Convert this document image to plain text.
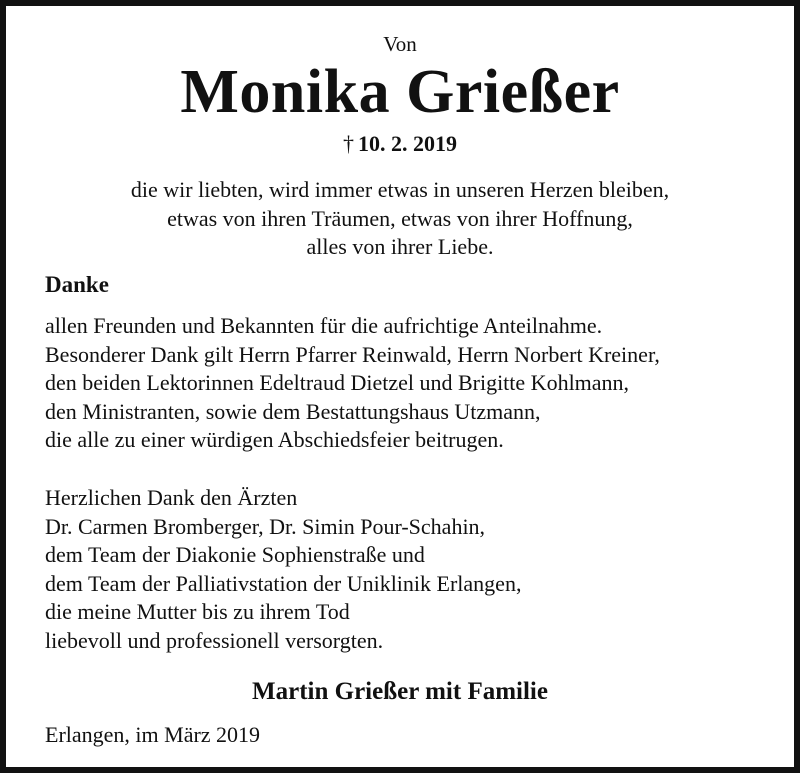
Von
Monika Grießer
† 10. 2. 2019
die wir liebten, wird immer etwas in unseren Herzen bleiben,
etwas von ihren Träumen, etwas von ihrer Hoffnung,
alles von ihrer Liebe.
Danke
allen Freunden und Bekannten für die aufrichtige Anteilnahme.
Besonderer Dank gilt Herrn Pfarrer Reinwald, Herrn Norbert Kreiner,
den beiden Lektorinnen Edeltraud Dietzel und Brigitte Kohlmann,
den Ministranten, sowie dem Bestattungshaus Utzmann,
die alle zu einer würdigen Abschiedsfeier beitrugen.
Herzlichen Dank den Ärzten
Dr. Carmen Bromberger, Dr. Simin Pour-Schahin,
dem Team der Diakonie Sophienstraße und
dem Team der Palliativstation der Uniklinik Erlangen,
die meine Mutter bis zu ihrem Tod
liebevoll und professionell versorgten.
Martin Grießer mit Familie
Erlangen, im März 2019
